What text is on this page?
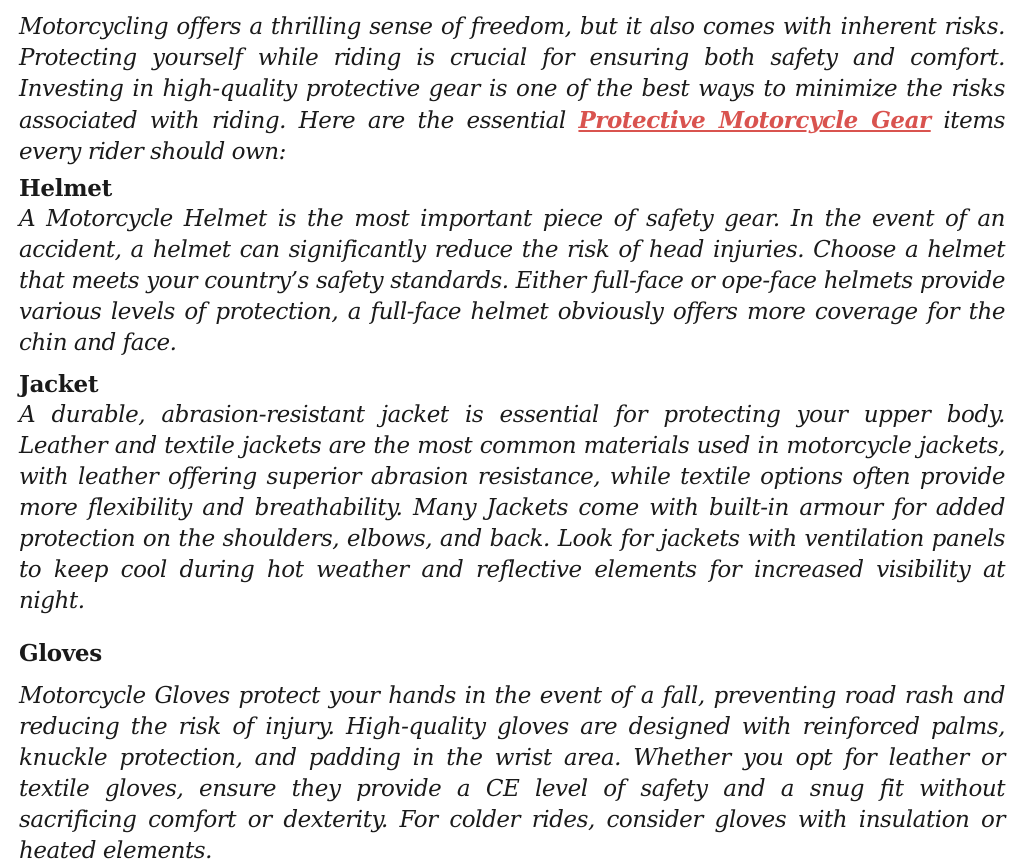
Motorcycling offers a thrilling sense of freedom, but it also comes with inherent risks. Protecting yourself while riding is crucial for ensuring both safety and comfort. Investing in high-quality protective gear is one of the best ways to minimize the risks associated with riding. Here are the essential Protective Motorcycle Gear items every rider should own:

Helmet

A Motorcycle Helmet is the most important piece of safety gear. In the event of an accident, a helmet can significantly reduce the risk of head injuries. Choose a helmet that meets your country’s safety standards. Either full-face or ope-face helmets provide various levels of protection, a full-face helmet obviously offers more coverage for the chin and face.

Jacket

A durable, abrasion-resistant jacket is essential for protecting your upper body. Leather and textile jackets are the most common materials used in motorcycle jackets, with leather offering superior abrasion resistance, while textile options often provide more flexibility and breathability. Many Jackets come with built-in armour for added protection on the shoulders, elbows, and back. Look for jackets with ventilation panels to keep cool during hot weather and reflective elements for increased visibility at night.

Gloves

Motorcycle Gloves protect your hands in the event of a fall, preventing road rash and reducing the risk of injury. High-quality gloves are designed with reinforced palms, knuckle protection, and padding in the wrist area. Whether you opt for leather or textile gloves, ensure they provide a CE level of safety and a snug fit without sacrificing comfort or dexterity. For colder rides, consider gloves with insulation or heated elements.
